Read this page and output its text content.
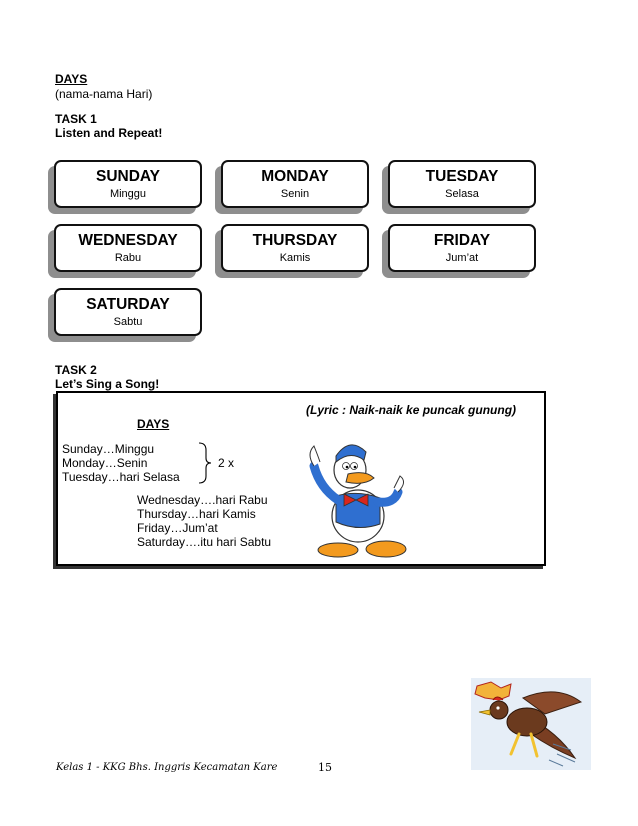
DAYS
(nama-nama Hari)
TASK 1
Listen and Repeat!
SUNDAY
Minggu
MONDAY
Senin
TUESDAY
Selasa
WEDNESDAY
Rabu
THURSDAY
Kamis
FRIDAY
Jum’at
SATURDAY
Sabtu
TASK 2
Let’s Sing a Song!
(Lyric : Naik-naik ke puncak gunung)
DAYS
Sunday…Minggu
Monday…Senin
Tuesday…hari Selasa
2 x
Wednesday….hari Rabu
Thursday…hari Kamis
Friday…Jum’at
Saturday….itu hari Sabtu
Kelas 1 - KKG Bhs. Inggris Kecamatan Kare	15
